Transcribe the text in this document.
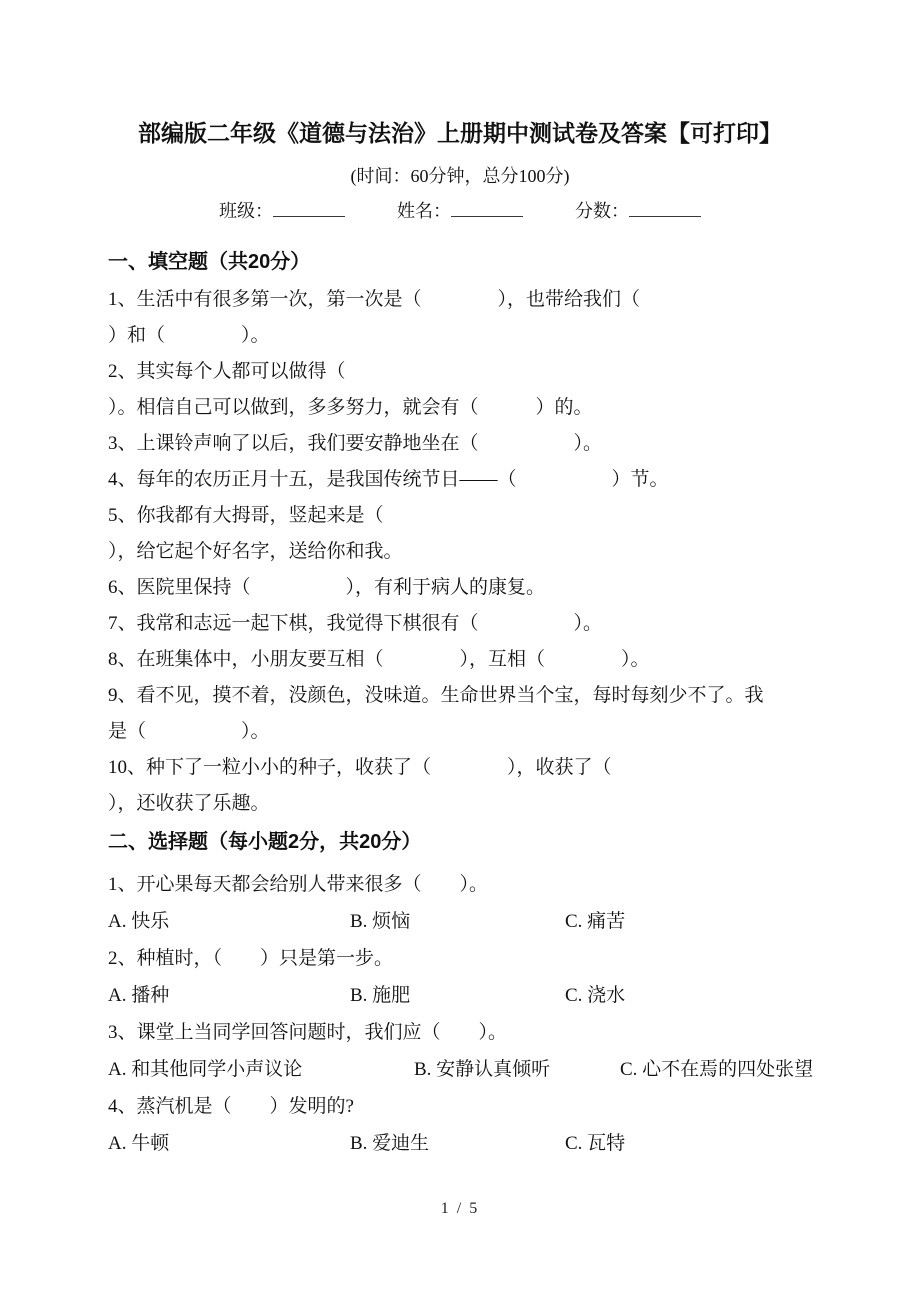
部编版二年级《道德与法治》上册期中测试卷及答案【可打印】
(时间：60分钟，总分100分)
班级：	姓名：	分数：
一、填空题（共20分）
1、生活中有很多第一次，第一次是（　　　　），也带给我们（
）和（　　　　）。
2、其实每个人都可以做得（
）。相信自己可以做到，多多努力，就会有（　　　）的。
3、上课铃声响了以后，我们要安静地坐在（　　　　　）。
4、每年的农历正月十五，是我国传统节日——（　　　　　）节。
5、你我都有大拇哥，竖起来是（
），给它起个好名字，送给你和我。
6、医院里保持（　　　　　），有利于病人的康复。
7、我常和志远一起下棋，我觉得下棋很有（　　　　　）。
8、在班集体中，小朋友要互相（　　　　），互相（　　　　）。
9、看不见，摸不着，没颜色，没味道。生命世界当个宝，每时每刻少不了。我
是（　　　　　）。
10、种下了一粒小小的种子，收获了（　　　　），收获了（
），还收获了乐趣。
二、选择题（每小题2分，共20分）
1、开心果每天都会给别人带来很多（　　）。
A. 快乐	B. 烦恼	C. 痛苦
2、种植时，（　　）只是第一步。
A. 播种	B. 施肥	C. 浇水
3、课堂上当同学回答问题时，我们应（　　）。
A. 和其他同学小声议论	B. 安静认真倾听	C. 心不在焉的四处张望
4、蒸汽机是（　　）发明的?
A. 牛顿	B. 爱迪生	C. 瓦特
1 / 5
